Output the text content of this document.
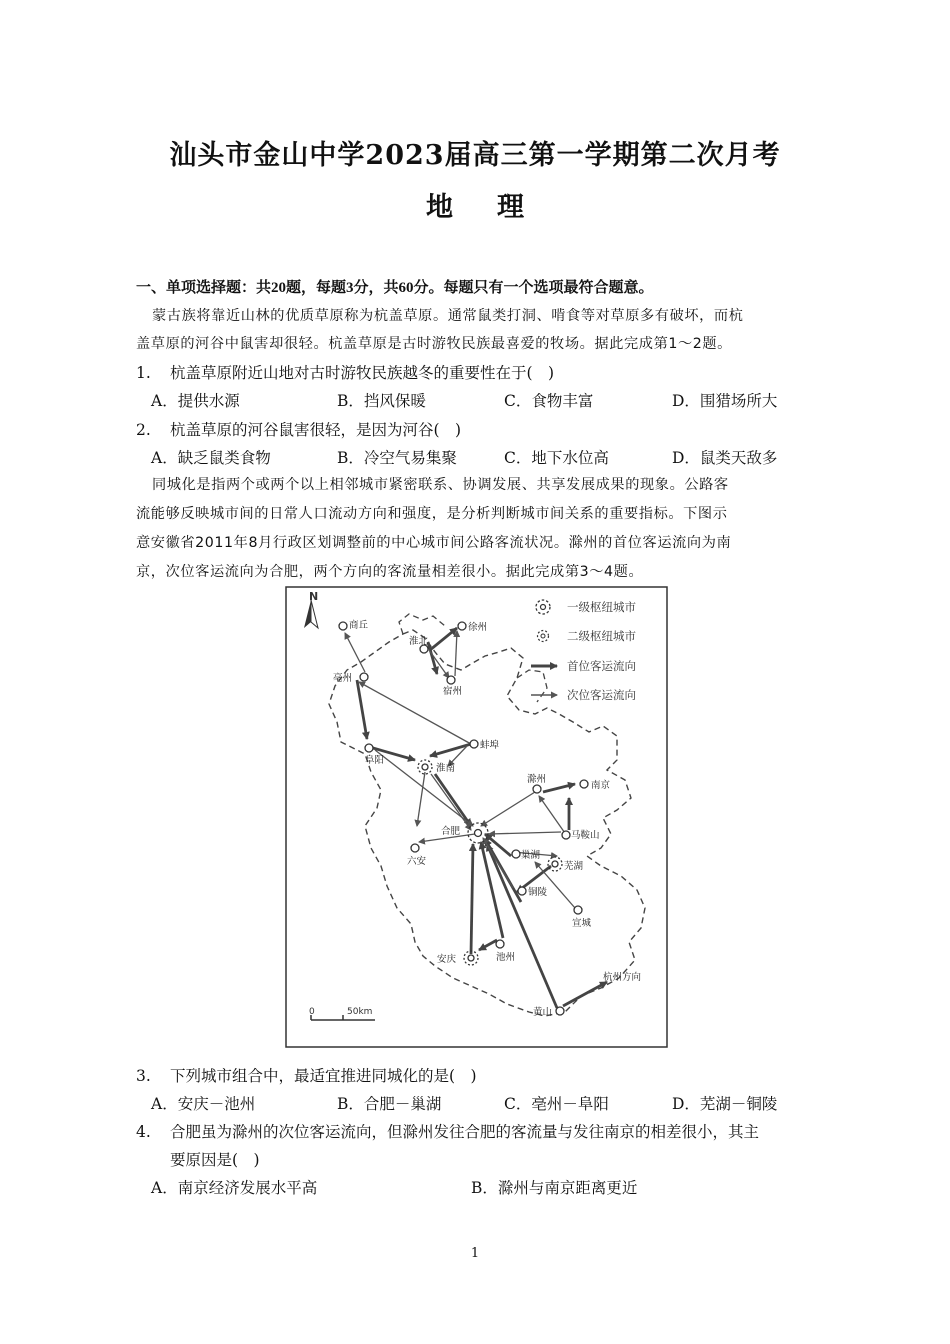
汕头市金山中学2023届高三第一学期第二次月考
地 理
一、单项选择题：共20题，每题3分，共60分。每题只有一个选项最符合题意。
蒙古族将靠近山林的优质草原称为杭盖草原。通常鼠类打洞、啃食等对草原多有破坏，而杭
盖草原的河谷中鼠害却很轻。杭盖草原是古时游牧民族最喜爱的牧场。据此完成第1～2题。
1. 杭盖草原附近山地对古时游牧民族越冬的重要性在于(　)
A．提供水源	B．挡风保暖	C．食物丰富	D．围猎场所大
2. 杭盖草原的河谷鼠害很轻，是因为河谷(　)
A．缺乏鼠类食物	B．冷空气易集聚	C．地下水位高	D．鼠类天敌多
同城化是指两个或两个以上相邻城市紧密联系、协调发展、共享发展成果的现象。公路客
流能够反映城市间的日常人口流动方向和强度，是分析判断城市间关系的重要指标。下图示
意安徽省2011年8月行政区划调整前的中心城市间公路客流状况。滁州的首位客运流向为南
京，次位客运流向为合肥，两个方向的客流量相差很小。据此完成第3～4题。
N
一级枢纽城市
二级枢纽城市
首位客运流向
次位客运流向
商丘
淮北
徐州
宿州
亳州
蚌埠
阜阳
淮南
滁州
南京
合肥	马鞍山
六安
巢湖
芜湖
铜陵
宣城
安庆	池州
杭州方向
黄山
0	50km
3. 下列城市组合中，最适宜推进同城化的是(　)
A．安庆－池州	B．合肥－巢湖	C．亳州－阜阳	D．芜湖－铜陵
4. 合肥虽为滁州的次位客运流向，但滁州发往合肥的客流量与发往南京的相差很小，其主
要原因是(　)
A．南京经济发展水平高	B．滁州与南京距离更近
1
